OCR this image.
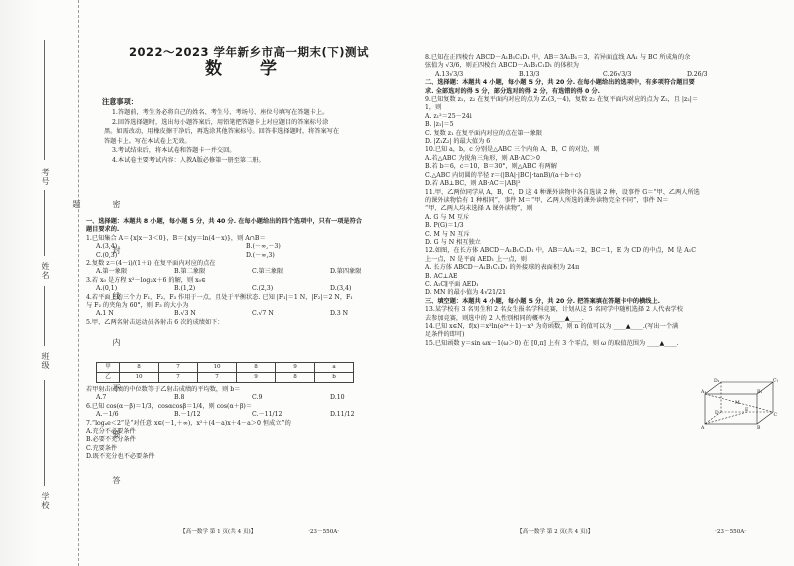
考号
姓名
班级
学校	密封线内不要答题
2022～2023 学年新乡市高一期末(下)测试
数 学
注意事项：

1.答题前，考生务必将自己的姓名、考生号、考场号、座位号填写在答题卡上。

2.回答选择题时，选出每小题答案后，用铅笔把答题卡上对应题目的答案标号涂

黑。如需改动，用橡皮擦干净后，再选涂其他答案标号。回答非选择题时，将答案写在

答题卡上。写在本试卷上无效。

3.考试结束后，将本试卷和答题卡一并交回。

4.本试卷主要考试内容：人教A版必修第一册至第二册。

一、选择题：本题共 8 小题，每小题 5 分，共 40 分. 在每小题给出的四个选项中，只有一项是符合

题目要求的.

1.已知集合 A＝{x|x－3＜0}，B＝{x|y＝ln(4－x)}，则 A∩B＝

A.(3,4)	B.(－∞,－3)
C.(0,3)	D.(－∞,3)

2.复数 z＝(4－i)/(1＋i) 在复平面内对应的点在

A.第一象限	B.第二象限	C.第三象限	D.第四象限

3.若 x₀ 是方程 x²－log₂x＋6 的解，则 x₀∈

A.(0,1)	B.(1,2)	C.(2,3)	D.(3,4)

4.若平面上的三个力 F₁，F₂，F₃ 作用于一点，且处于平衡状态. 已知 |F₁|＝1 N，|F₂|＝2 N，F₁

与 F₂ 的夹角为 60°，则 F₃ 的大小为

A.1 N	B.√3 N	C.√7 N	D.3 N

5.甲、乙两名射击运动员各射击 6 次的成绩如下：

甲	8	7	10	8	9	a
乙	10	7	7	9	8	b

若甲射击成绩的中位数等于乙射击成绩的平均数，则 b＝

A.7	B.8	C.9	D.10

6.已知 cos(α－β)＝1/3，cosαcosβ＝1/4，则 cos(α＋β)＝

A.－1/6	B.－1/12	C.－11/12	D.11/12

7.“logₐe＜2”是“对任意 x∈(－1,＋∞)，x²＋(4－a)x＋4－a＞0 恒成立”的

A.充分不必要条件

B.必要不充分条件

C.充要条件

D.既不充分也不必要条件

【高一数学 第 1 页(共 4 页)】	·23－550A·

8.已知在正四棱台 ABCD－A₁B₁C₁D₁ 中，AB＝3A₁B₁＝3，若异面直线 AA₁ 与 BC 所成角的余

弦值为 √3/6，则正四棱台 ABCD－A₁B₁C₁D₁ 的体积为

A.13√3/3	B.13/3	C.26√3/3	D.26/3

二、选择题：本题共 4 小题，每小题 5 分，共 20 分. 在每小题给出的选项中，有多项符合题目要

求. 全部选对的得 5 分，部分选对的得 2 分，有选错的得 0 分.

9.已知复数 z₁，z₂ 在复平面内对应的点为 Z₁(3,－4)，复数 z₂ 在复平面内对应的点为 Z₂，且 |z₂|＝

1，则

A. z₁²＝25－24i

B. |z₁|＝5

C. 复数 z₁ 在复平面内对应的点在第一象限

D. |Z₁Z₂| 的最大值为 6

10.已知 a，b，c 分别是△ABC 三个内角 A，B，C 的对边，则

A.若△ABC 为锐角三角形，则 AB·AC＞0

B.若 b＝6，c＝10，B＝30°，则△ABC 有两解

C.△ABC 内切圆的半径 r＝(|BA|·|BC|·tanB)/(a＋b＋c)

D.若 AB⊥BC，则 AB·AC＝|AB|²

11.甲、乙两位同学从 A，B，C，D 这 4 种课外读物中各自选读 2 种，设事件 G＝“甲、乙两人所选

的课外读物恰有 1 种相同”，事件 M＝“甲、乙两人所选的课外读物完全不同”，事件 N＝

“甲、乙两人均未选择 A 课外读物”，则

A. G 与 M 互斥

B. P(G)＝1/3

C. M 与 N 互斥

D. G 与 N 相互独立

12.如图，在长方体 ABCD－A₁B₁C₁D₁ 中，AB＝AA₁＝2，BC＝1，E 为 CD 的中点，M 是 A₁C

上一点，N 是平面 AED₁ 上一点，则

A. 长方体 ABCD－A₁B₁C₁D₁ 的外接球的表面积为 24π

B. AC⊥AE

C. A₁C∥平面 AED₁

D. MN 的最小值为 4√21/21

三、填空题：本题共 4 小题，每小题 5 分，共 20 分. 把答案填在答题卡中的横线上.

13.某学校有 3 名男生和 2 名女生报名学科竞赛，计划从这 5 名同学中随机选择 2 人代表学校

去参加竞赛，则选中的 2 人性别相同的概率为 ____▲____.

14.已知 x∈N，f(x)＝x²ln(e²ˣ＋1)－x³ 为奇函数，则 n 的值可以为 ____▲____.(写出一个满

足条件的即可)

15.已知函数 y＝sin ωx－1(ω＞0) 在 [0,π] 上有 3 个零点，则 ω 的取值范围为 ____▲____.

D₁	C₁
A₁	B₁
D
E
C
A	B
M
【高一数学 第 2 页(共 4 页)】	·23－550A·
